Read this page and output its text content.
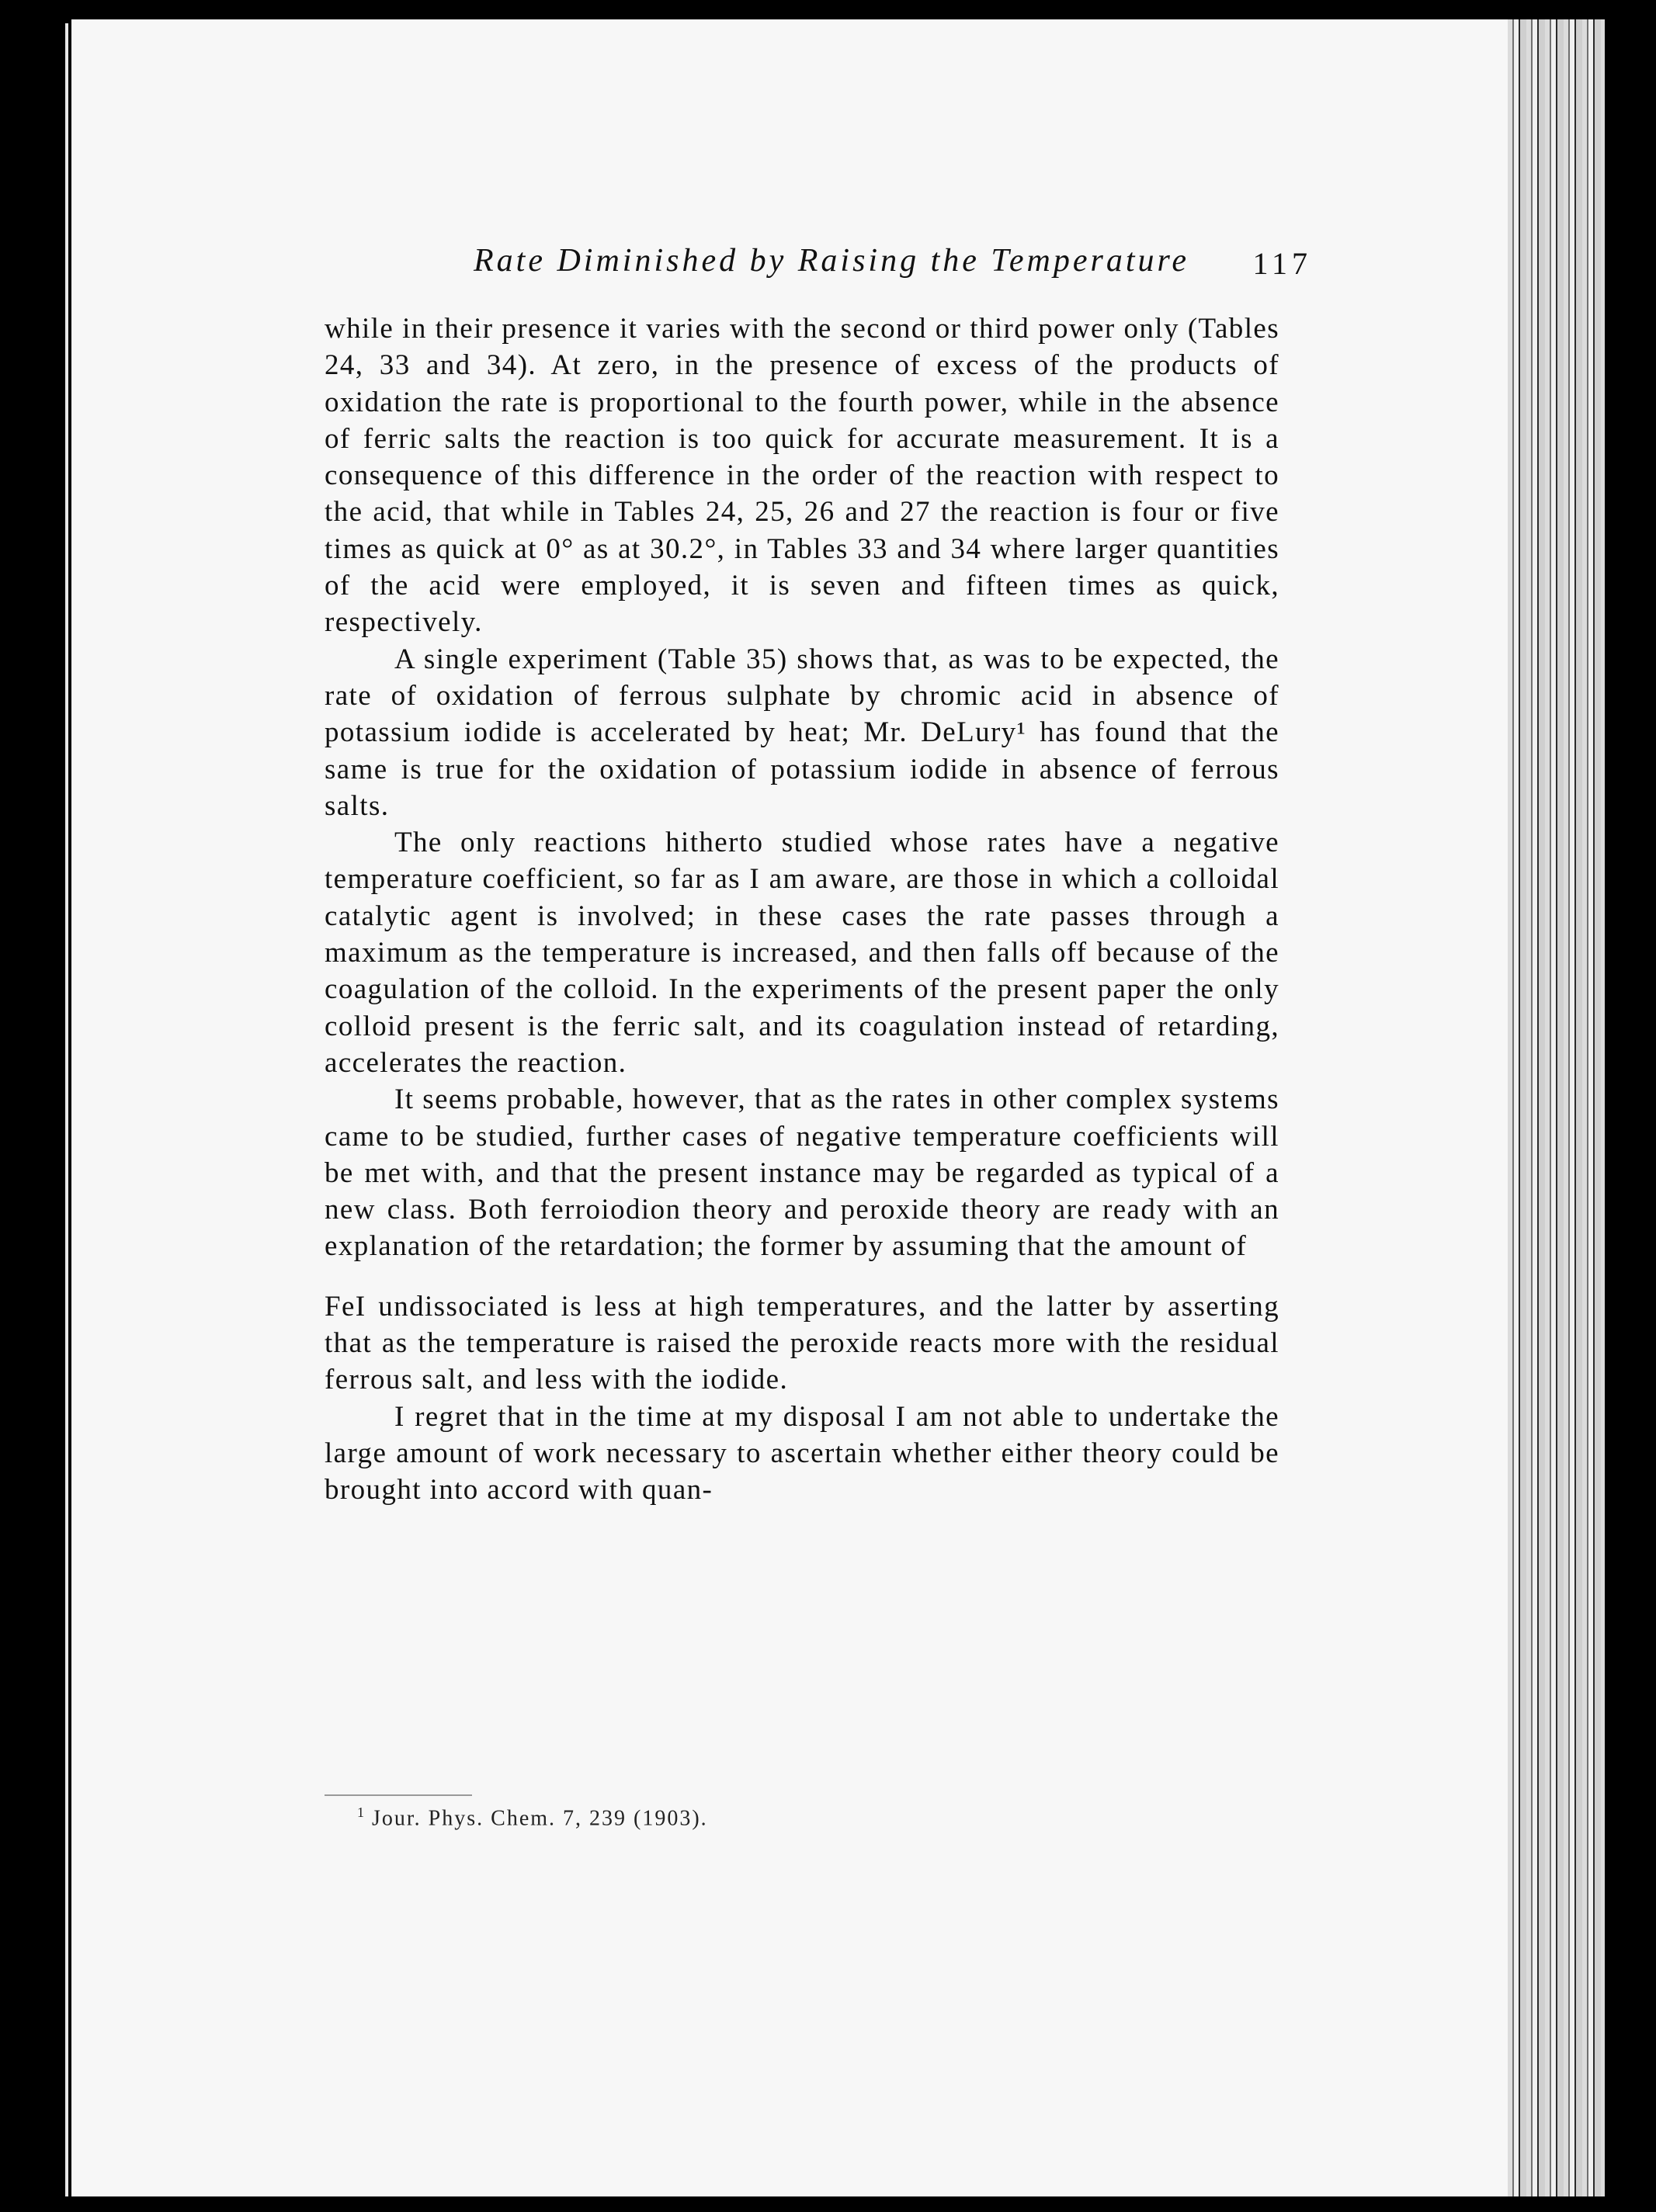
Rate Diminished by Raising the Temperature 117

while in their presence it varies with the second or third power only (Tables 24, 33 and 34). At zero, in the presence of excess of the products of oxidation the rate is proportional to the fourth power, while in the absence of ferric salts the reaction is too quick for accurate measurement. It is a consequence of this difference in the order of the reaction with respect to the acid, that while in Tables 24, 25, 26 and 27 the reaction is four or five times as quick at 0° as at 30.2°, in Tables 33 and 34 where larger quantities of the acid were employed, it is seven and fifteen times as quick, respectively.

A single experiment (Table 35) shows that, as was to be expected, the rate of oxidation of ferrous sulphate by chromic acid in absence of potassium iodide is accelerated by heat; Mr. DeLury¹ has found that the same is true for the oxidation of potassium iodide in absence of ferrous salts.

The only reactions hitherto studied whose rates have a negative temperature coefficient, so far as I am aware, are those in which a colloidal catalytic agent is involved; in these cases the rate passes through a maximum as the temperature is increased, and then falls off because of the coagulation of the colloid. In the experiments of the present paper the only colloid present is the ferric salt, and its coagulation instead of retarding, accelerates the reaction.

It seems probable, however, that as the rates in other complex systems came to be studied, further cases of negative temperature coefficients will be met with, and that the present instance may be regarded as typical of a new class. Both ferroiodion theory and peroxide theory are ready with an explanation of the retardation; the former by assuming that the amount of

FeI undissociated is less at high temperatures, and the latter by asserting that as the temperature is raised the peroxide reacts more with the residual ferrous salt, and less with the iodide.

I regret that in the time at my disposal I am not able to undertake the large amount of work necessary to ascertain whether either theory could be brought into accord with quan-

$^1$ Jour. Phys. Chem. 7, 239 (1903).
